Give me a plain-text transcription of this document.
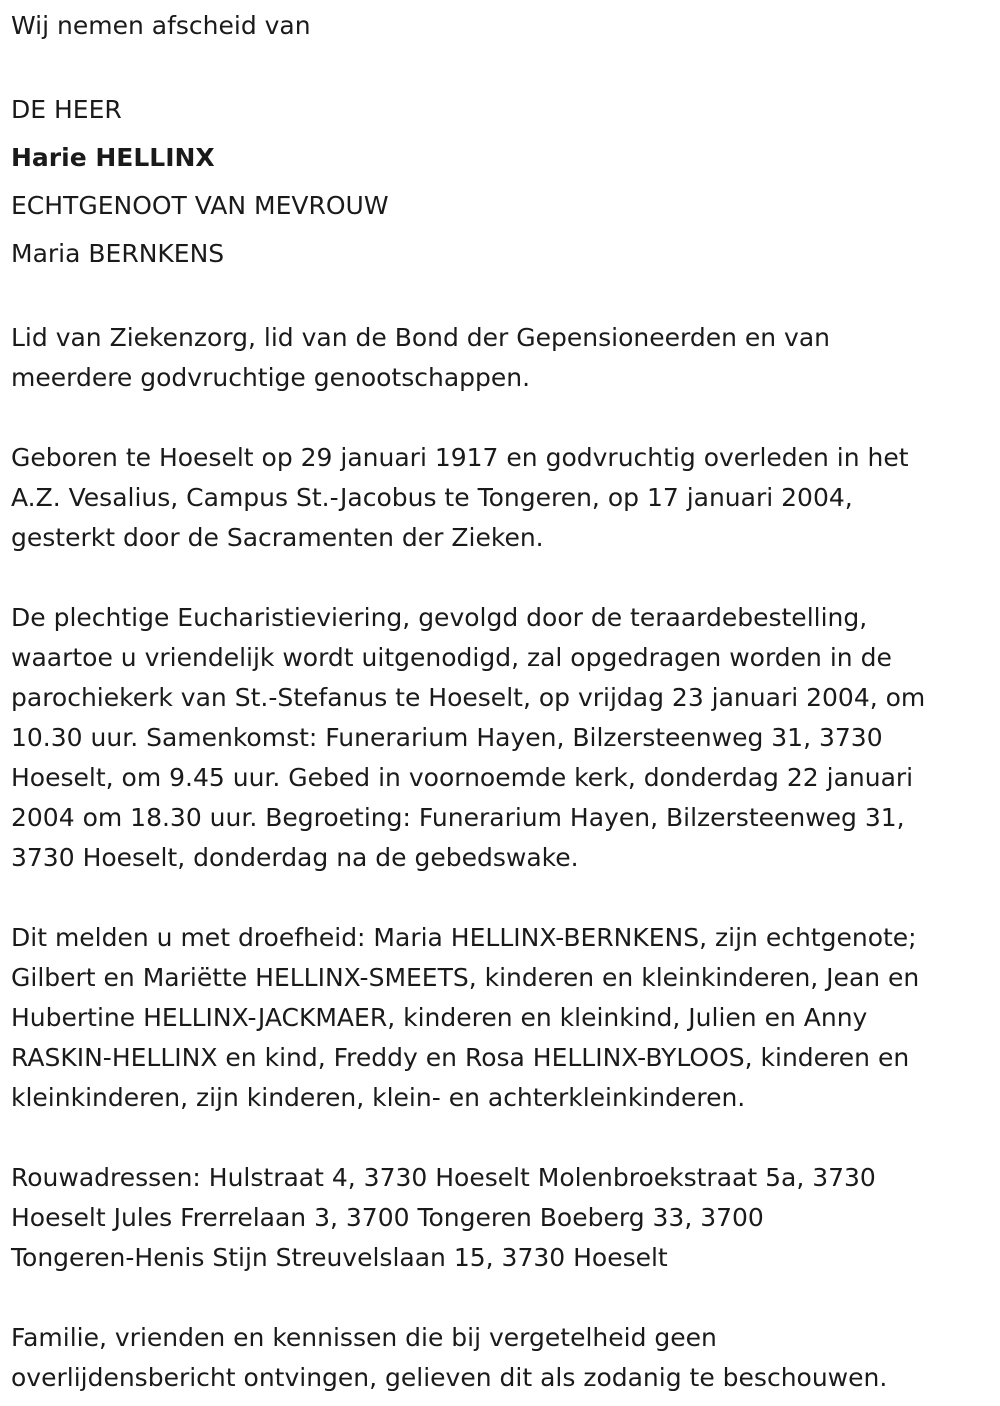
Wij nemen afscheid van

DE HEER

Harie HELLINX

ECHTGENOOT VAN MEVROUW

Maria BERNKENS

Lid van Ziekenzorg, lid van de Bond der Gepensioneerden en van
meerdere godvruchtige genootschappen.
Geboren te Hoeselt op 29 januari 1917 en godvruchtig overleden in het
A.Z. Vesalius, Campus St.-Jacobus te Tongeren, op 17 januari 2004,
gesterkt door de Sacramenten der Zieken.
De plechtige Eucharistieviering, gevolgd door de teraardebestelling,
waartoe u vriendelijk wordt uitgenodigd, zal opgedragen worden in de
parochiekerk van St.-Stefanus te Hoeselt, op vrijdag 23 januari 2004, om
10.30 uur. Samenkomst: Funerarium Hayen, Bilzersteenweg 31, 3730
Hoeselt, om 9.45 uur. Gebed in voornoemde kerk, donderdag 22 januari
2004 om 18.30 uur. Begroeting: Funerarium Hayen, Bilzersteenweg 31,
3730 Hoeselt, donderdag na de gebedswake.
Dit melden u met droefheid: Maria HELLINX-BERNKENS, zijn echtgenote;
Gilbert en Mariëtte HELLINX-SMEETS, kinderen en kleinkinderen, Jean en
Hubertine HELLINX-JACKMAER, kinderen en kleinkind, Julien en Anny
RASKIN-HELLINX en kind, Freddy en Rosa HELLINX-BYLOOS, kinderen en
kleinkinderen, zijn kinderen, klein- en achterkleinkinderen.
Rouwadressen: Hulstraat 4, 3730 Hoeselt Molenbroekstraat 5a, 3730
Hoeselt Jules Frerrelaan 3, 3700 Tongeren Boeberg 33, 3700
Tongeren-Henis Stijn Streuvelslaan 15, 3730 Hoeselt
Familie, vrienden en kennissen die bij vergetelheid geen
overlijdensbericht ontvingen, gelieven dit als zodanig te beschouwen.
